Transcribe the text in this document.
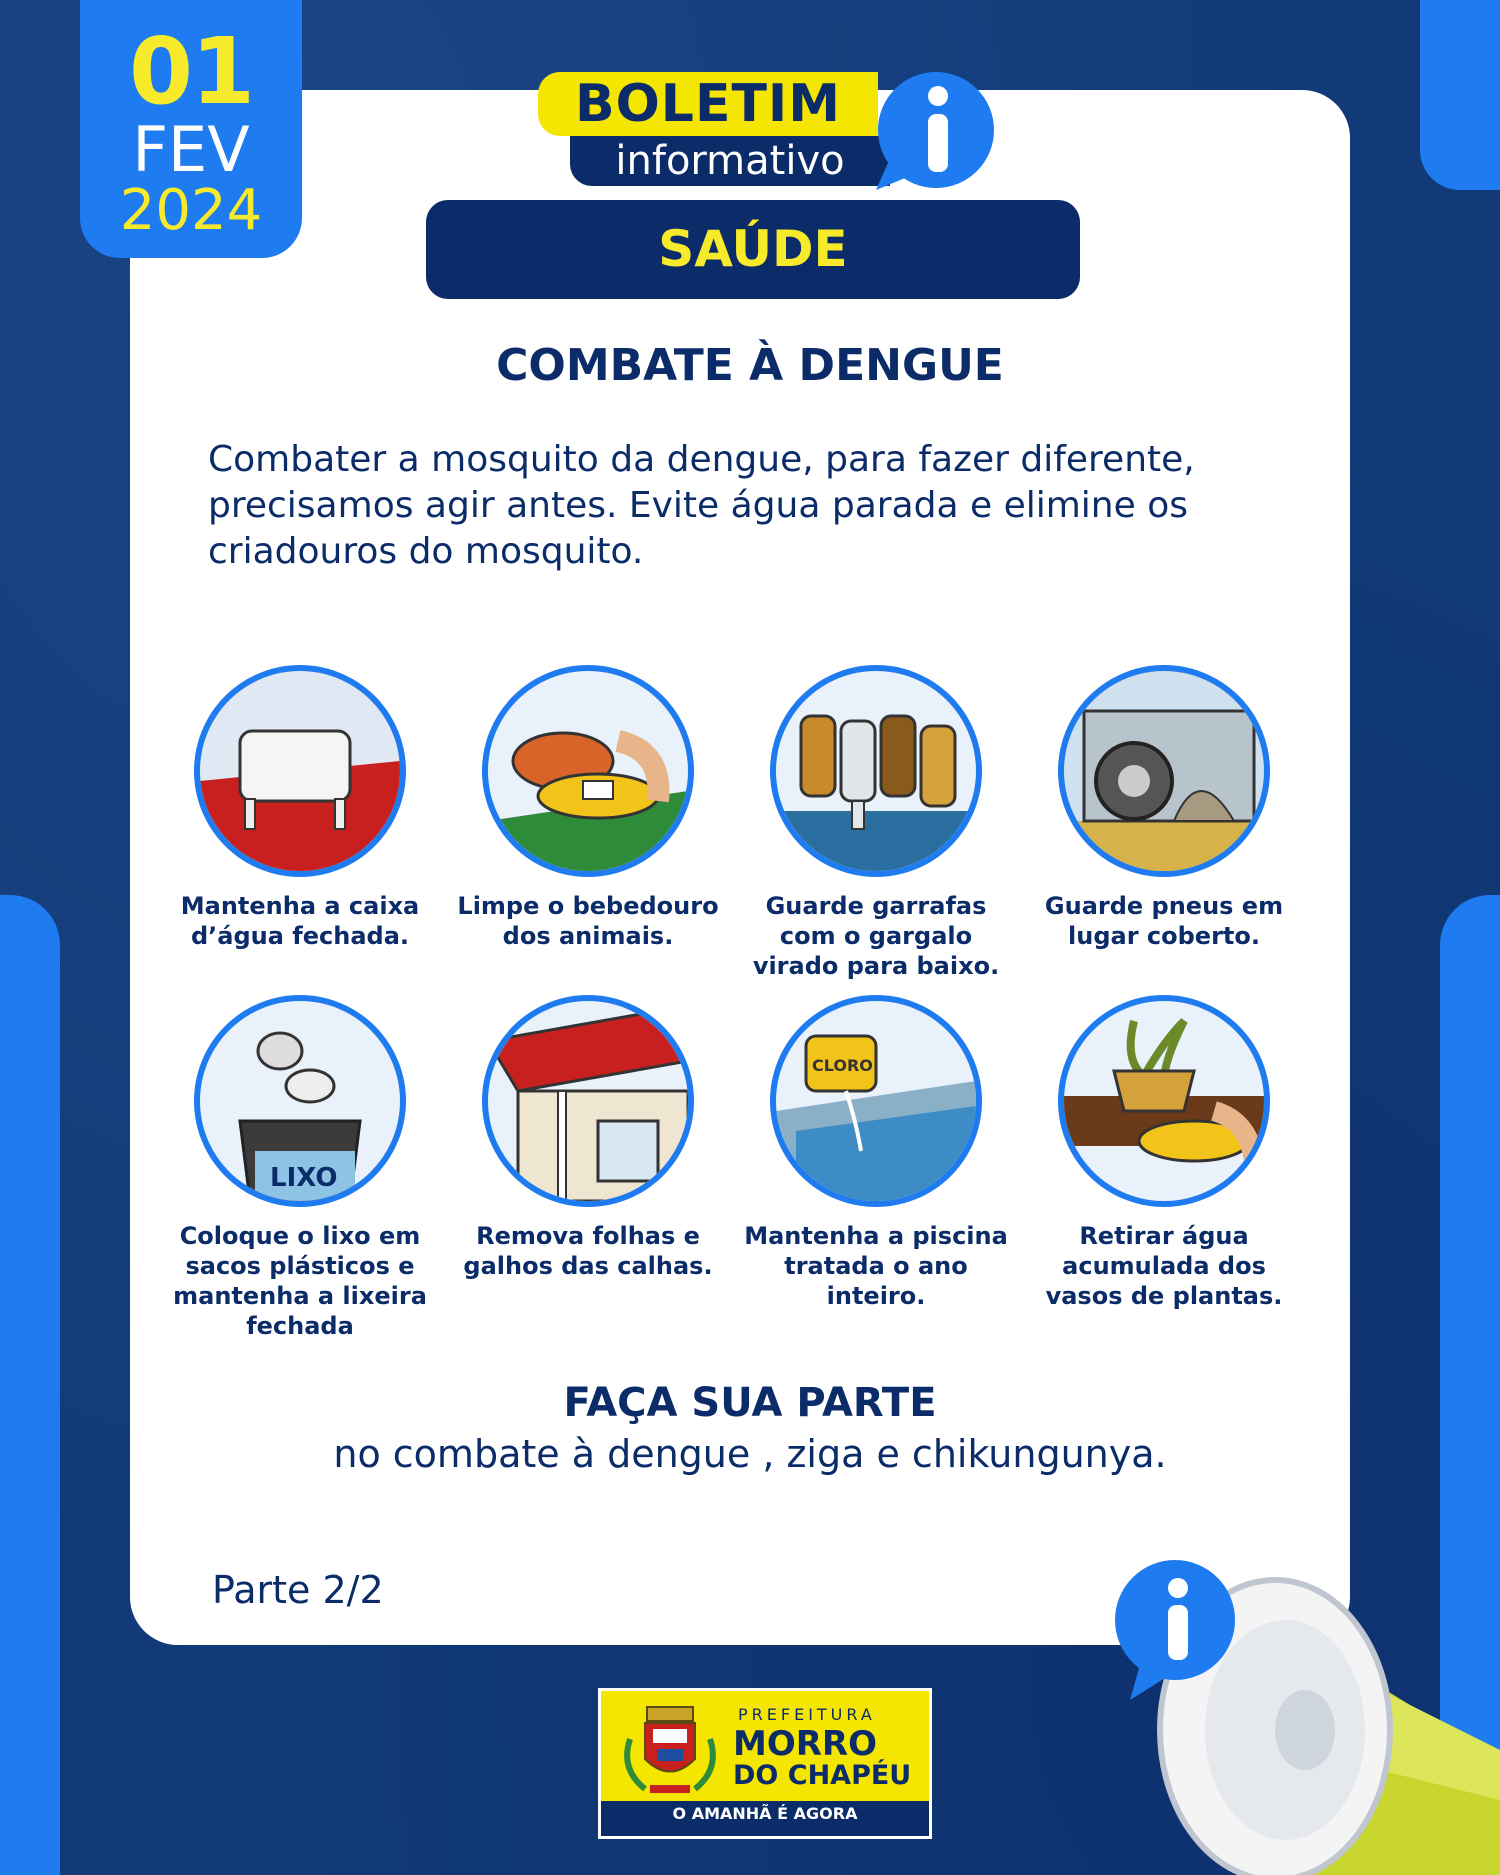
01
FEV
2024
BOLETIM
informativo
SAÚDE
COMBATE À DENGUE
Combater a mosquito da dengue, para fazer diferente, precisamos agir antes. Evite água parada e elimine os criadouros do mosquito.
Mantenha a caixa d’água fechada.
Limpe o bebedouro dos animais.
Guarde garrafas com o gargalo virado para baixo.
Guarde pneus em lugar coberto.
LIXO
Coloque o lixo em sacos plásticos e mantenha a lixeira fechada
Remova folhas e galhos das calhas.
CLORO
Mantenha a piscina tratada o ano inteiro.
Retirar água acumulada dos vasos de plantas.
FAÇA SUA PARTE
no combate à dengue , ziga e chikungunya.
Parte 2/2
PREFEITURA
MORRO
DO CHAPÉU
O AMANHÃ É AGORA
